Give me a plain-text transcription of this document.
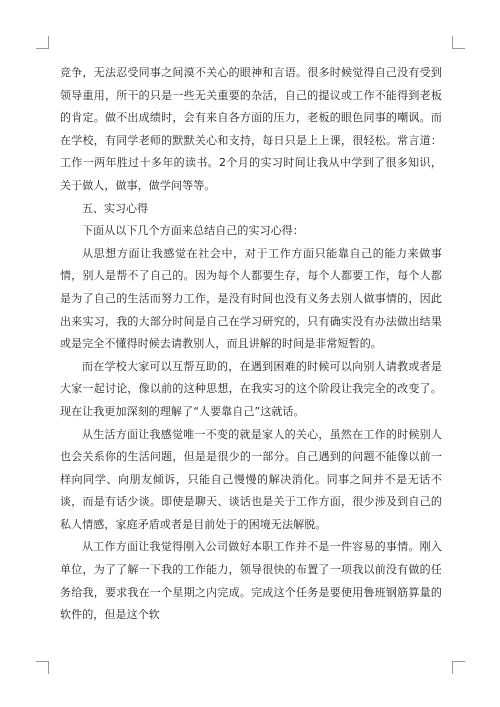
竞争，无法忍受同事之间漠不关心的眼神和言语。很多时候觉得自己没有受到领导重用，所干的只是一些无关重要的杂活，自己的提议或工作不能得到老板的肯定。做不出成绩时，会有来自各方面的压力，老板的眼色同事的嘲讽。而在学校，有同学老师的默默关心和支持，每日只是上上课，很轻松。常言道：工作一两年胜过十多年的读书。2个月的实习时间让我从中学到了很多知识，关于做人，做事，做学问等等。

五、实习心得

下面从以下几个方面来总结自己的实习心得：

从思想方面让我感觉在社会中，对于工作方面只能靠自己的能力来做事情，别人是帮不了自己的。因为每个人都要生存，每个人都要工作，每个人都是为了自己的生活而努力工作，是没有时间也没有义务去别人做事情的，因此出来实习，我的大部分时间是自己在学习研究的，只有确实没有办法做出结果或是完全不懂得时候去请教别人，而且讲解的时间是非常短暂的。

而在学校大家可以互帮互助的，在遇到困难的时候可以向别人请教或者是大家一起讨论，像以前的这种思想，在我实习的这个阶段让我完全的改变了。现在让我更加深刻的理解了“人要靠自己”这就话。

从生活方面让我感觉唯一不变的就是家人的关心，虽然在工作的时候别人也会关系你的生活问题，但是是很少的一部分。自己遇到的问题不能像以前一样向同学、向朋友倾诉，只能自己慢慢的解决消化。同事之间并不是无话不谈，而是有话少谈。即使是聊天、谈话也是关于工作方面，很少涉及到自己的私人情感，家庭矛盾或者是目前处于的困境无法解脱。

从工作方面让我觉得刚入公司做好本职工作并不是一件容易的事情。刚入单位，为了了解一下我的工作能力，领导很快的布置了一项我以前没有做的任务给我，要求我在一个星期之内完成。完成这个任务是要使用鲁班钢筋算量的软件的，但是这个软
